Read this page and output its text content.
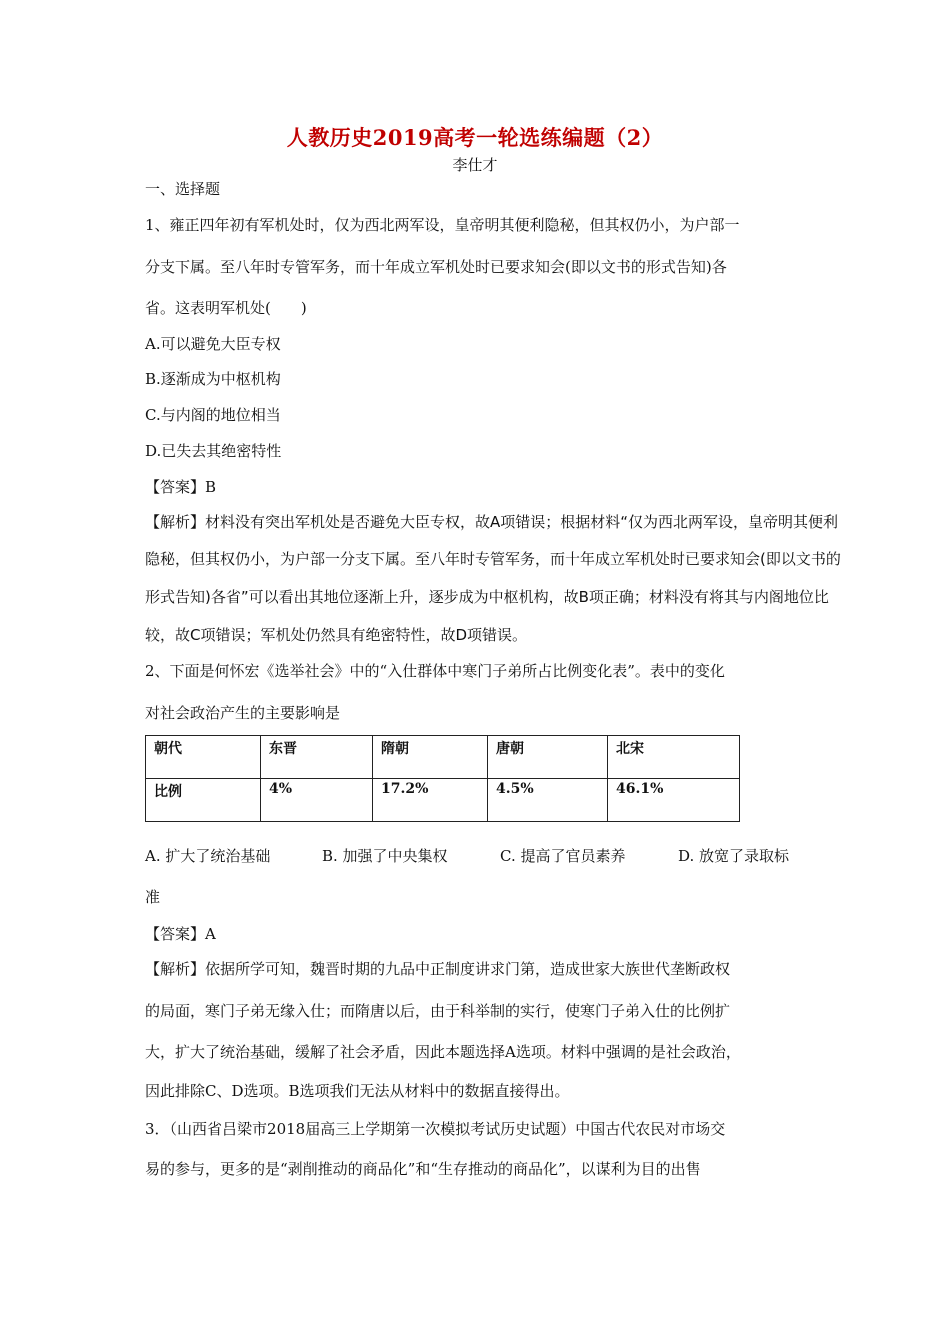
人教历史2019高考一轮选练编题（2）
李仕才
一、选择题
1、雍正四年初有军机处时，仅为西北两军设，皇帝明其便利隐秘，但其权仍小，为户部一
分支下属。至八年时专管军务，而十年成立军机处时已要求知会(即以文书的形式告知)各
省。这表明军机处(　　)
A.可以避免大臣专权
B.逐渐成为中枢机构
C.与内阁的地位相当
D.已失去其绝密特性
【答案】B
【解析】材料没有突出军机处是否避免大臣专权，故A项错误；根据材料“仅为西北两军设，皇帝明其便利
隐秘，但其权仍小，为户部一分支下属。至八年时专管军务，而十年成立军机处时已要求知会(即以文书的
形式告知)各省”可以看出其地位逐渐上升，逐步成为中枢机构，故B项正确；材料没有将其与内阁地位比
较，故C项错误；军机处仍然具有绝密特性，故D项错误。
2、下面是何怀宏《选举社会》中的“入仕群体中寒门子弟所占比例变化表”。表中的变化
对社会政治产生的主要影响是
朝代	东晋	隋朝	唐朝	北宋
比例	4%	17.2%	4.5%	46.1%
A. 扩大了统治基础	B. 加强了中央集权	C. 提高了官员素养	D. 放宽了录取标
准
【答案】A
【解析】依据所学可知，魏晋时期的九品中正制度讲求门第，造成世家大族世代垄断政权
的局面，寒门子弟无缘入仕；而隋唐以后，由于科举制的实行，使寒门子弟入仕的比例扩
大，扩大了统治基础，缓解了社会矛盾，因此本题选择A选项。材料中强调的是社会政治，
因此排除C、D选项。B选项我们无法从材料中的数据直接得出。
3．（山西省吕梁市2018届高三上学期第一次模拟考试历史试题）中国古代农民对市场交
易的参与，更多的是“剥削推动的商品化”和“生存推动的商品化”，以谋利为目的出售
